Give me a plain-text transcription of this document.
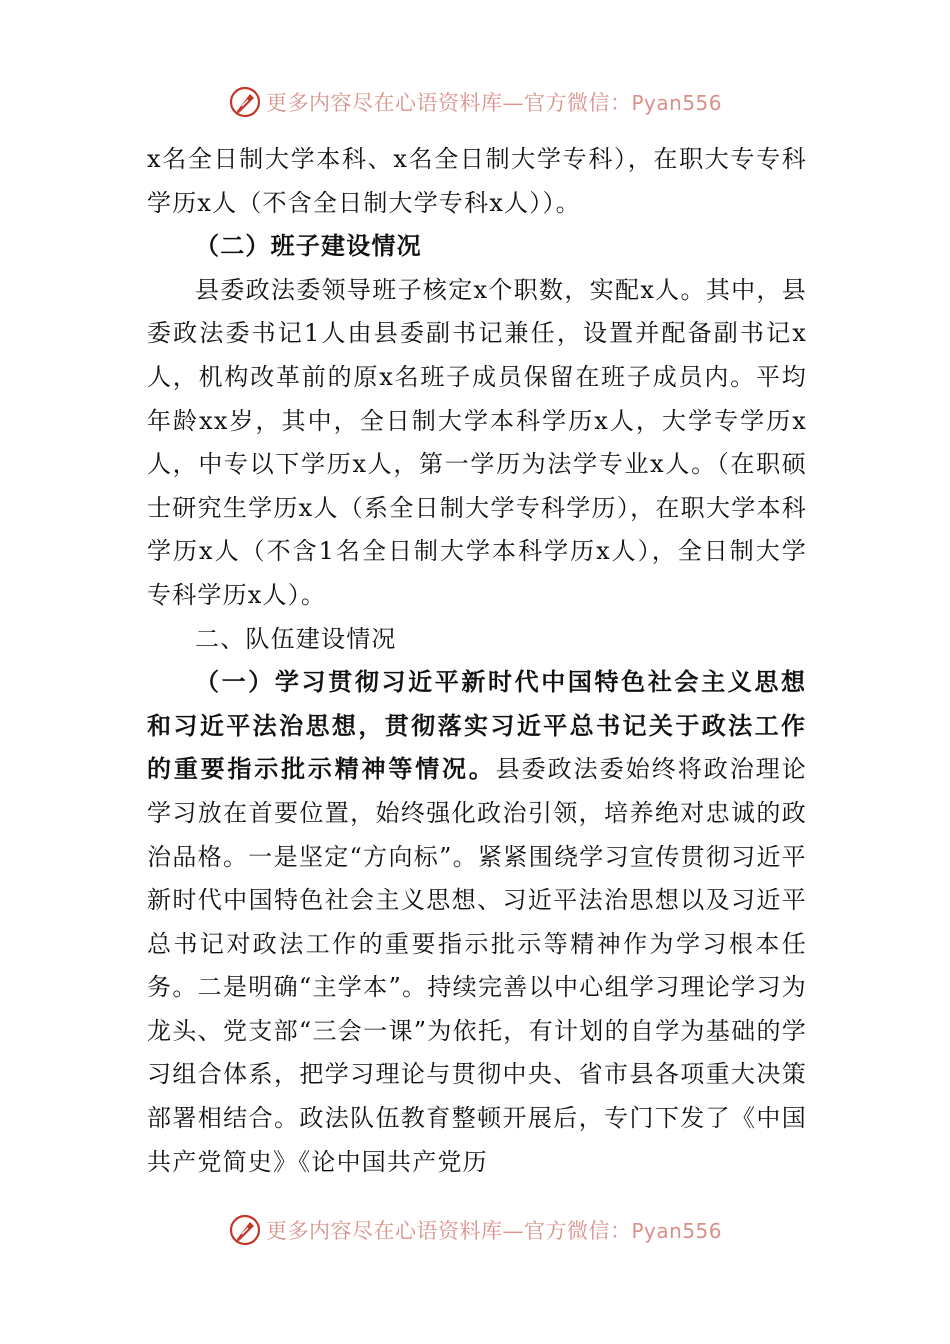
更多内容尽在心语资料库—官方微信：Pyan556

x名全日制大学本科、x名全日制大学专科），在职大专专科学历x人（不含全日制大学专科x人））。

（二）班子建设情况

县委政法委领导班子核定x个职数，实配x人。其中，县委政法委书记1人由县委副书记兼任，设置并配备副书记x人，机构改革前的原x名班子成员保留在班子成员内。平均年龄xx岁，其中，全日制大学本科学历x人，大学专学历x人，中专以下学历x人，第一学历为法学专业x人。（在职硕士研究生学历x人（系全日制大学专科学历），在职大学本科学历x人（不含1名全日制大学本科学历x人），全日制大学专科学历x人）。

二、队伍建设情况

（一）学习贯彻习近平新时代中国特色社会主义思想和习近平法治思想，贯彻落实习近平总书记关于政法工作的重要指示批示精神等情况。县委政法委始终将政治理论学习放在首要位置，始终强化政治引领，培养绝对忠诚的政治品格。一是坚定“方向标”。紧紧围绕学习宣传贯彻习近平新时代中国特色社会主义思想、习近平法治思想以及习近平总书记对政法工作的重要指示批示等精神作为学习根本任务。二是明确“主学本”。持续完善以中心组学习理论学习为龙头、党支部“三会一课”为依托，有计划的自学为基础的学习组合体系，把学习理论与贯彻中央、省市县各项重大决策部署相结合。政法队伍教育整顿开展后，专门下发了《中国共产党简史》《论中国共产党历

更多内容尽在心语资料库—官方微信：Pyan556
